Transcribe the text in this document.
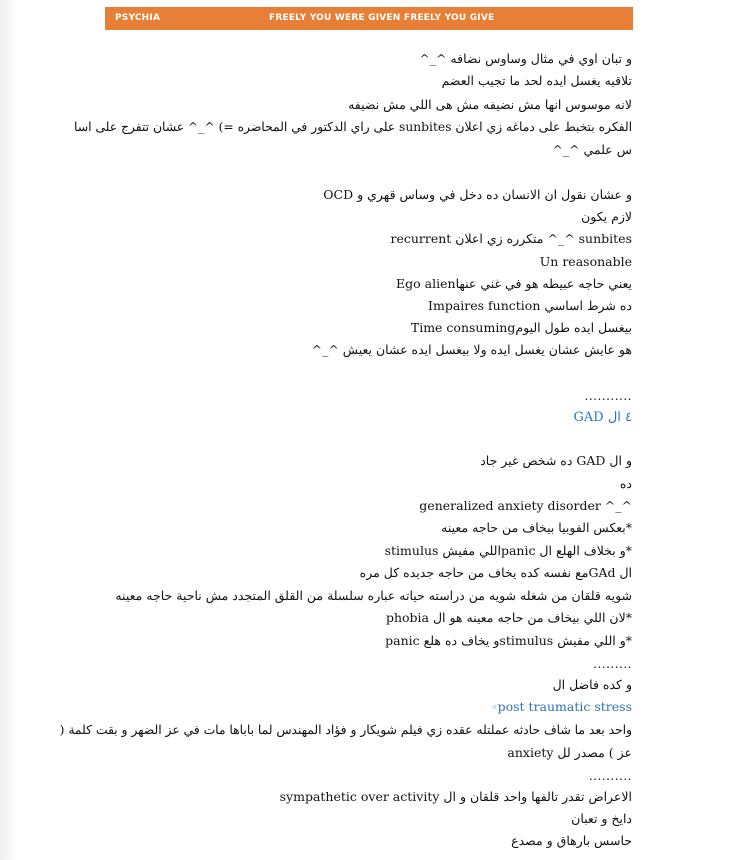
PSYCHIA	FREELY YOU WERE GIVEN FREELY YOU GIVE
و تبان اوي في مثال وساوس نضافه ^_^
تلاقيه يغسل ايده لحد ما تجيب العضم
لانه موسوس انها مش نضيفه مش هى اللي مش نضيفه
الفكره بتخبط على دماغه زي اعلان sunbites على راي الدكتور في المحاضره =) ^_^ عشان تتفرج على اسا
س علمي ^_^
و عشان نقول ان الانسان ده دخل في وساس قهري و OCD
لازم يكون
recurrent متكرره زي اعلان ^_^ sunbites
Un reasonable
Ego alienيعني حاجه عبيطه هو في غني عنها
Impaires function ده شرط اساسي
Time consumingبيغسل ايده طول اليوم
هو عايش عشان يغسل ايده ولا بيغسل ايده عشان يعيش ^_^
...........
٤ ال GAD
و ال GAD ده شخص غير جاد
ده
generalized anxiety disorder ^_^
*بعكس الفوبيا بيخاف من حاجه معينه
*و بخلاف الهلع ال panicاللي مفيش stimulus
ال GAdمع نفسه كده يخاف من حاجه جديده كل مره
شويه قلقان من شغله شويه من دراسته حياته عباره سلسلة من القلق المتجدد مش ناحية حاجه معينه
*لان اللي بيخاف من حاجه معينه هو ال phobia
*و اللي مفيش stimulusو يخاف ده هلع panic
.........
و كده فاضل ال
◦post traumatic stress
واحد بعد ما شاف حادثه عملتله عقده زي فيلم شويكار و فؤاد المهندس لما باباها مات في عز الضهر و بقت كلمة (
عز ) مصدر لل anxiety
..........
الاعراض تقدر تالفها واحد قلقان و ال sympathetic over activity
دايخ و تعبان
حاسس بارهاق و مصدع
